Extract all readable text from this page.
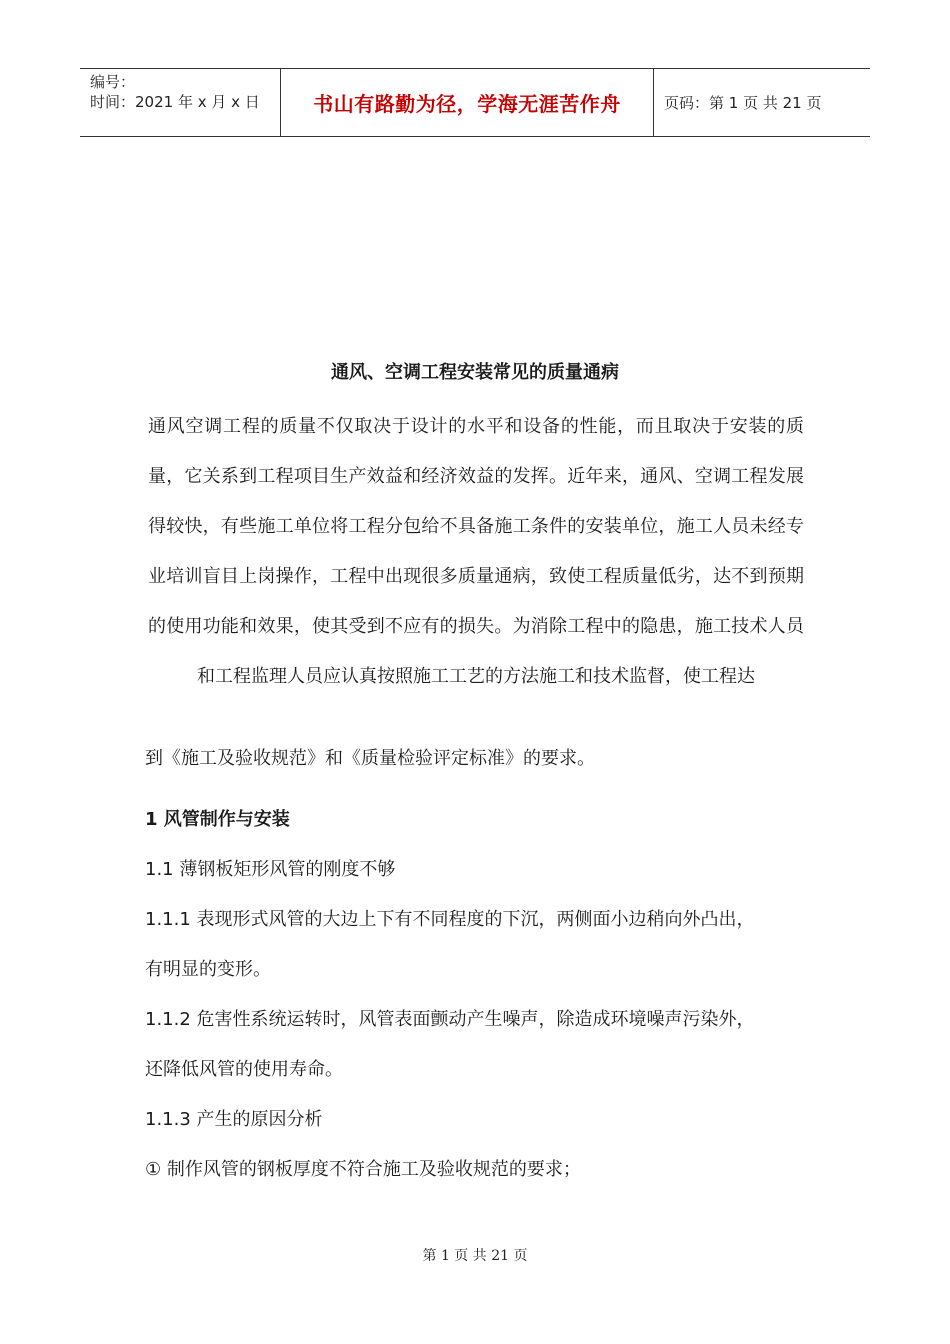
编号：
时间：2021 年 x 月 x 日	书山有路勤为径，学海无涯苦作舟	页码：第 1 页 共 21 页
通风、空调工程安装常见的质量通病
通风空调工程的质量不仅取决于设计的水平和设备的性能，而且取决于安装的质量，它关系到工程项目生产效益和经济效益的发挥。近年来，通风、空调工程发展得较快，有些施工单位将工程分包给不具备施工条件的安装单位，施工人员未经专业培训盲目上岗操作，工程中出现很多质量通病，致使工程质量低劣，达不到预期的使用功能和效果，使其受到不应有的损失。为消除工程中的隐患，施工技术人员和工程监理人员应认真按照施工工艺的方法施工和技术监督，使工程达
到《施工及验收规范》和《质量检验评定标准》的要求。
1 风管制作与安装
1.1 薄钢板矩形风管的刚度不够
1.1.1 表现形式风管的大边上下有不同程度的下沉，两侧面小边稍向外凸出，
有明显的变形。
1.1.2 危害性系统运转时，风管表面颤动产生噪声，除造成环境噪声污染外，
还降低风管的使用寿命。
1.1.3 产生的原因分析
① 制作风管的钢板厚度不符合施工及验收规范的要求；
第 1 页 共 21 页
